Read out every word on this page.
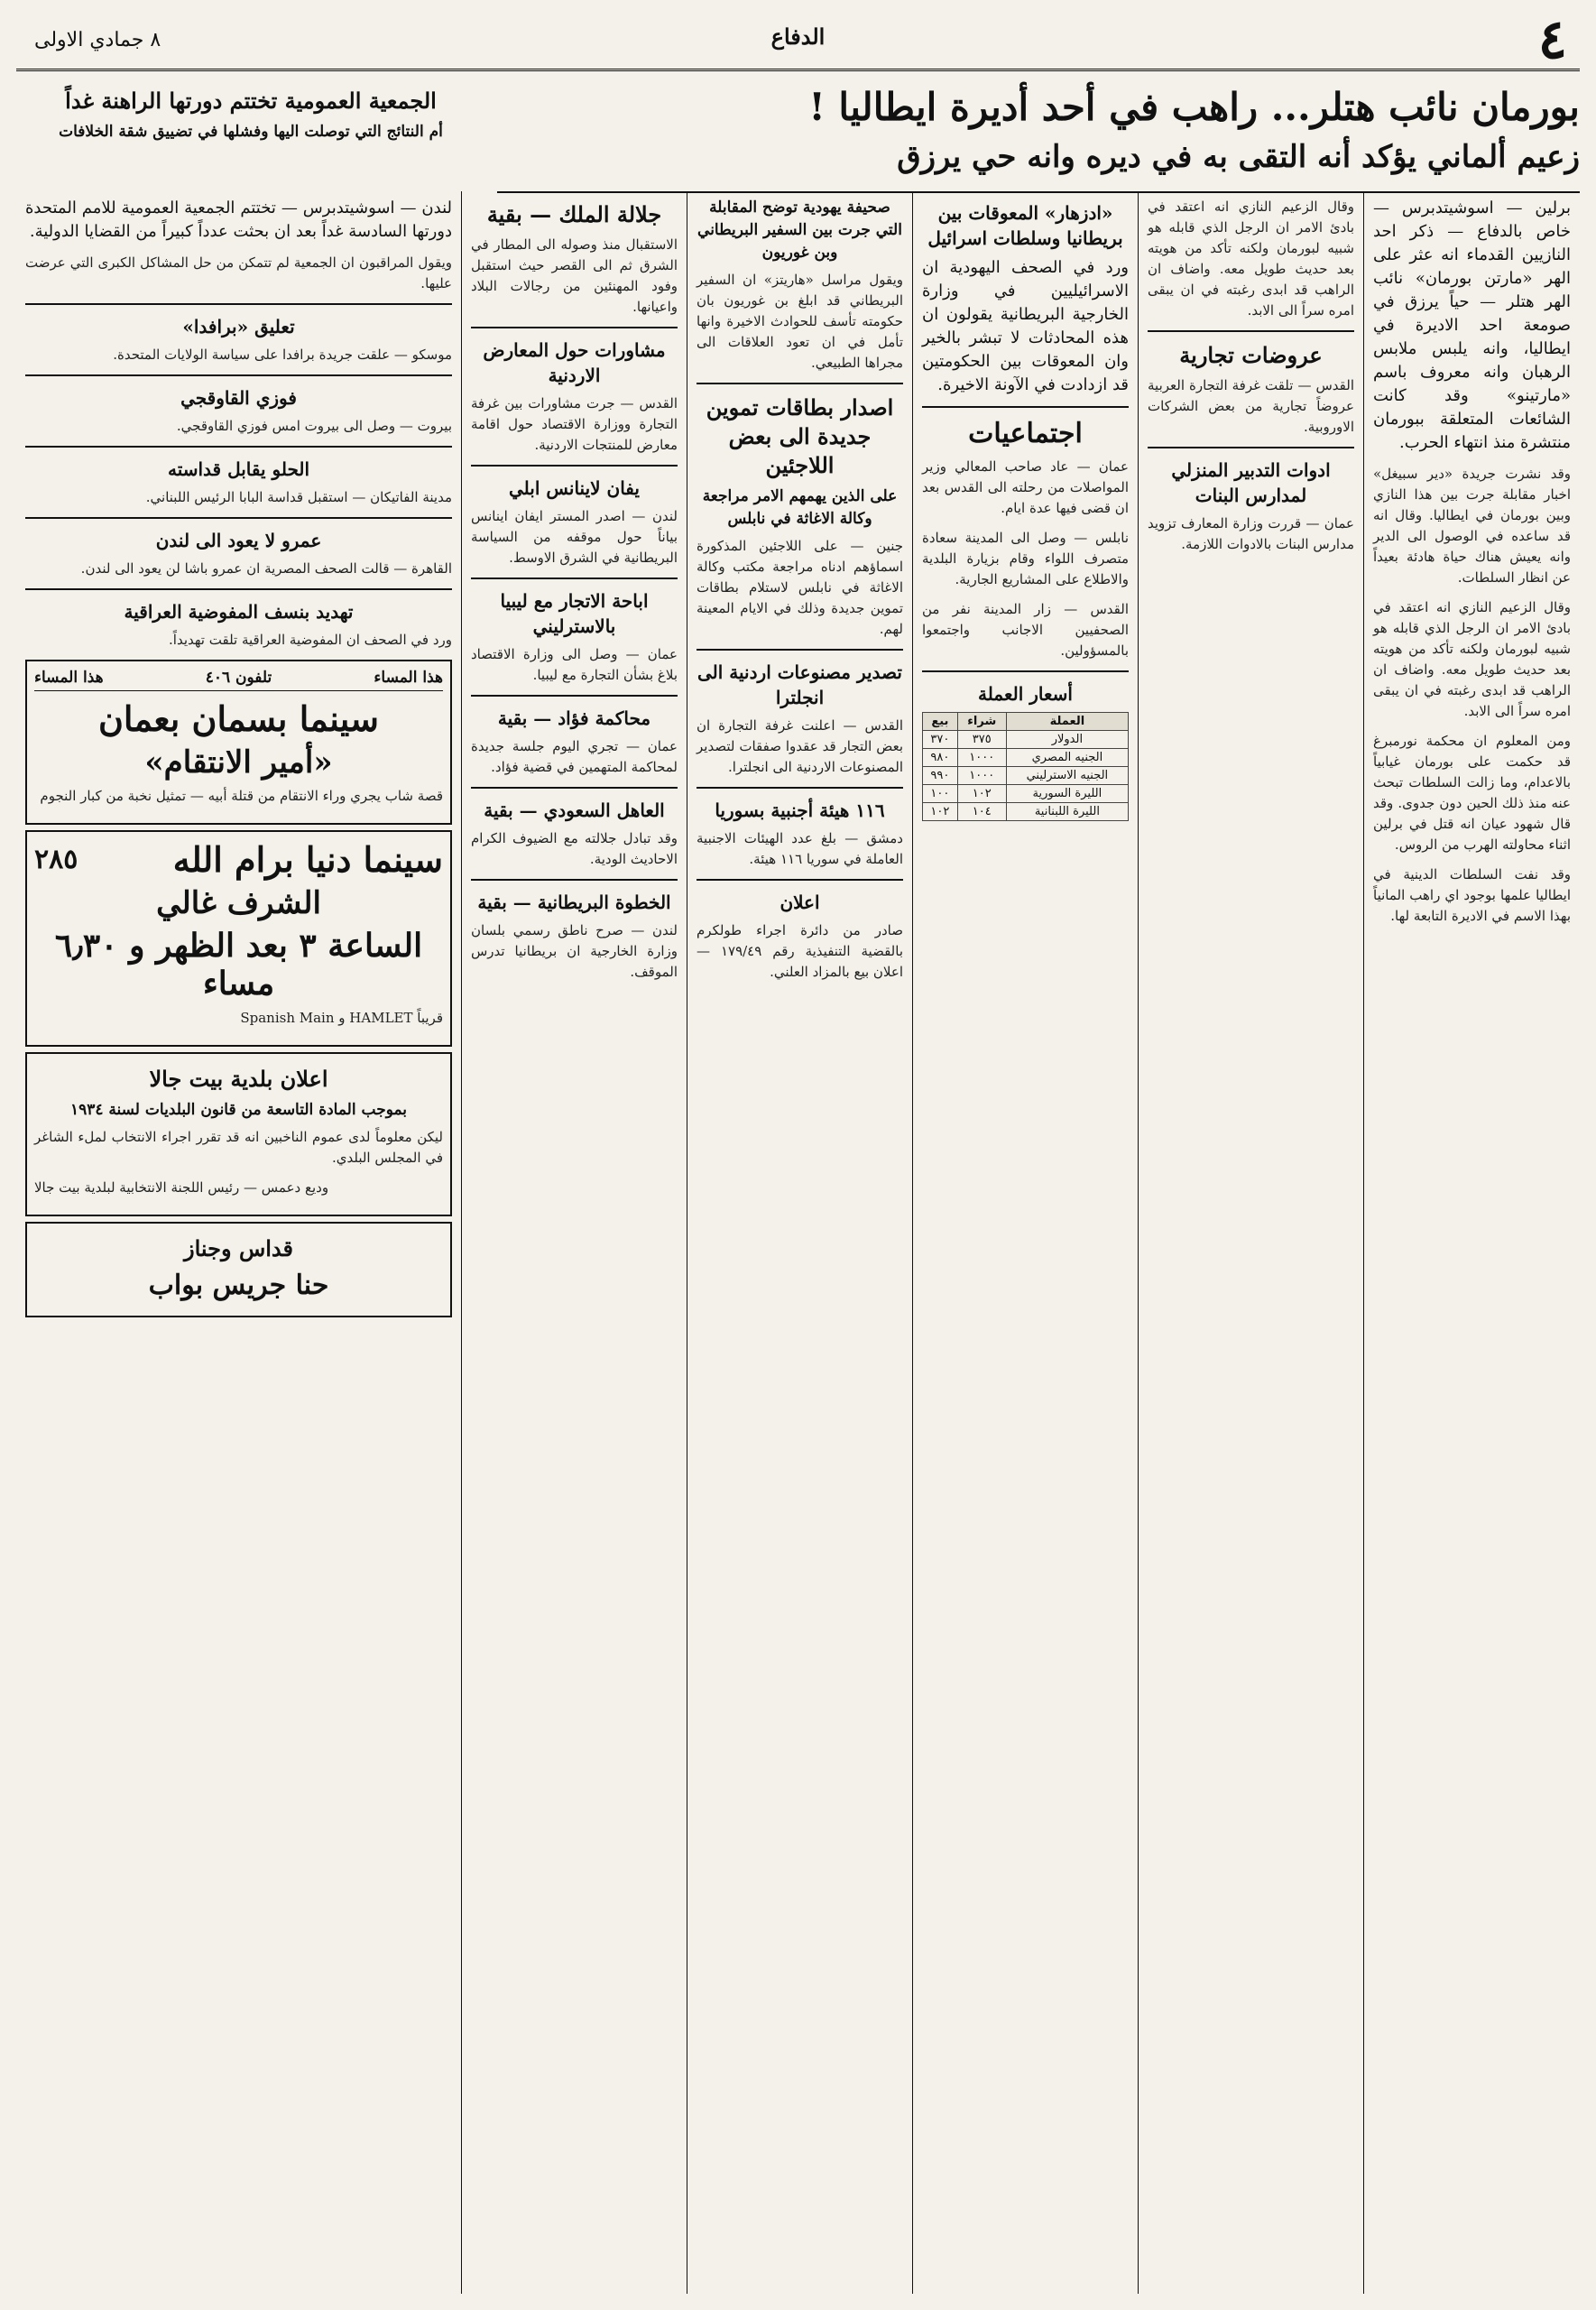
٤
الدفاع
٨ جمادي الاولى
بورمان نائب هتلر... راهب في أحد أديرة ايطاليا !
زعيم ألماني يؤكد أنه التقى به في ديره وانه حي يرزق

برلين — اسوشيتدبرس — خاص بالدفاع — ذكر احد النازيين القدماء انه عثر على الهر «مارتن بورمان» نائب الهر هتلر — حياً يرزق في صومعة احد الاديرة في ايطاليا، وانه يلبس ملابس الرهبان وانه معروف باسم «مارتينو» وقد كانت الشائعات المتعلقة ببورمان منتشرة منذ انتهاء الحرب.

وقد نشرت جريدة «دير سبيغل» اخبار مقابلة جرت بين هذا النازي وبين بورمان في ايطاليا. وقال انه قد ساعده في الوصول الى الدير وانه يعيش هناك حياة هادئة بعيداً عن انظار السلطات.

وقال الزعيم النازي انه اعتقد في بادئ الامر ان الرجل الذي قابله هو شبيه لبورمان ولكنه تأكد من هويته بعد حديث طويل معه. واضاف ان الراهب قد ابدى رغبته في ان يبقى امره سراً الى الابد.

ومن المعلوم ان محكمة نورمبرغ قد حكمت على بورمان غيابياً بالاعدام، وما زالت السلطات تبحث عنه منذ ذلك الحين دون جدوى. وقد قال شهود عيان انه قتل في برلين اثناء محاولته الهرب من الروس.

وقد نفت السلطات الدينية في ايطاليا علمها بوجود اي راهب المانياً بهذا الاسم في الاديرة التابعة لها.

وقال الزعيم النازي انه اعتقد في بادئ الامر ان الرجل الذي قابله هو شبيه لبورمان ولكنه تأكد من هويته بعد حديث طويل معه. واضاف ان الراهب قد ابدى رغبته في ان يبقى امره سراً الى الابد.

عروضات تجارية

القدس — تلقت غرفة التجارة العربية عروضاً تجارية من بعض الشركات الاوروبية.

ادوات التدبير المنزلي لمدارس البنات

عمان — قررت وزارة المعارف تزويد مدارس البنات بالادوات اللازمة.

«ادزهار» المعوقات بين بريطانيا وسلطات اسرائيل

ورد في الصحف اليهودية ان الاسرائيليين في وزارة الخارجية البريطانية يقولون ان هذه المحادثات لا تبشر بالخير وان المعوقات بين الحكومتين قد ازدادت في الآونة الاخيرة.

اجتماعيات

عمان — عاد صاحب المعالي وزير المواصلات من رحلته الى القدس بعد ان قضى فيها عدة ايام.

نابلس — وصل الى المدينة سعادة متصرف اللواء وقام بزيارة البلدية والاطلاع على المشاريع الجارية.

القدس — زار المدينة نفر من الصحفيين الاجانب واجتمعوا بالمسؤولين.

أسعار العملة
العملة	شراء	بيع
الدولار	٣٧٥	٣٧٠
الجنيه المصري	١٠٠٠	٩٨٠
الجنيه الاسترليني	١٠٠٠	٩٩٠
الليرة السورية	١٠٢	١٠٠
الليرة اللبنانية	١٠٤	١٠٢
صحيفة يهودية توضح المقابلة التي جرت بين السفير البريطاني وبن غوريون

ويقول مراسل «هاريتز» ان السفير البريطاني قد ابلغ بن غوريون بان حكومته تأسف للحوادث الاخيرة وانها تأمل في ان تعود العلاقات الى مجراها الطبيعي.

اصدار بطاقات تموين جديدة الى بعض اللاجئين
على الذين يهمهم الامر مراجعة وكالة الاغاثة في نابلس

جنين — على اللاجئين المذكورة اسماؤهم ادناه مراجعة مكتب وكالة الاغاثة في نابلس لاستلام بطاقات تموين جديدة وذلك في الايام المعينة لهم.

تصدير مصنوعات اردنية الى انجلترا

القدس — اعلنت غرفة التجارة ان بعض التجار قد عقدوا صفقات لتصدير المصنوعات الاردنية الى انجلترا.

١١٦ هيئة أجنبية بسوريا

دمشق — بلغ عدد الهيئات الاجنبية العاملة في سوريا ١١٦ هيئة.

اعلان

صادر من دائرة اجراء طولكرم بالقضية التنفيذية رقم ١٧٩/٤٩ — اعلان بيع بالمزاد العلني.

جلالة الملك — بقية

الاستقبال منذ وصوله الى المطار في الشرق ثم الى القصر حيث استقبل وفود المهنئين من رجالات البلاد واعيانها.

مشاورات حول المعارض الاردنية

القدس — جرت مشاورات بين غرفة التجارة ووزارة الاقتصاد حول اقامة معارض للمنتجات الاردنية.

يفان لاينانس ابلي

لندن — اصدر المستر ايفان اينانس بياناً حول موقفه من السياسة البريطانية في الشرق الاوسط.

اباحة الاتجار مع ليبيا بالاسترليني

عمان — وصل الى وزارة الاقتصاد بلاغ بشأن التجارة مع ليبيا.

محاكمة فؤاد — بقية

عمان — تجري اليوم جلسة جديدة لمحاكمة المتهمين في قضية فؤاد.

العاهل السعودي — بقية

وقد تبادل جلالته مع الضيوف الكرام الاحاديث الودية.

الخطوة البريطانية — بقية

لندن — صرح ناطق رسمي بلسان وزارة الخارجية ان بريطانيا تدرس الموقف.

الجمعية العمومية تختتم دورتها الراهنة غداً
أم النتائج التي توصلت اليها وفشلها في تضييق شقة الخلافات

لندن — اسوشيتدبرس — تختتم الجمعية العمومية للامم المتحدة دورتها السادسة غداً بعد ان بحثت عدداً كبيراً من القضايا الدولية.

ويقول المراقبون ان الجمعية لم تتمكن من حل المشاكل الكبرى التي عرضت عليها.

تعليق «برافدا»

موسكو — علقت جريدة برافدا على سياسة الولايات المتحدة.

فوزي القاوقجي

بيروت — وصل الى بيروت امس فوزي القاوقجي.

الحلو يقابل قداسته

مدينة الفاتيكان — استقبل قداسة البابا الرئيس اللبناني.

عمرو لا يعود الى لندن

القاهرة — قالت الصحف المصرية ان عمرو باشا لن يعود الى لندن.

تهديد بنسف المفوضية العراقية

ورد في الصحف ان المفوضية العراقية تلقت تهديداً.

هذا المساء
تلفون ٤٠٦
هذا المساء
سينما بسمان بعمان
«أمير الانتقام»

قصة شاب يجري وراء الانتقام من قتلة أبيه — تمثيل نخبة من كبار النجوم

سينما دنيا برام الله
٢٨٥
الشرف غالي
الساعة ٣ بعد الظهر و ٦٫٣٠ مساء

قريباً HAMLET و Spanish Main

اعلان بلدية بيت جالا
بموجب المادة التاسعة من قانون البلديات لسنة ١٩٣٤

ليكن معلوماً لدى عموم الناخبين انه قد تقرر اجراء الانتخاب لملء الشاغر في المجلس البلدي.

وديع دعمس — رئيس اللجنة الانتخابية لبلدية بيت جالا

قداس وجناز
حنا جريس بواب
